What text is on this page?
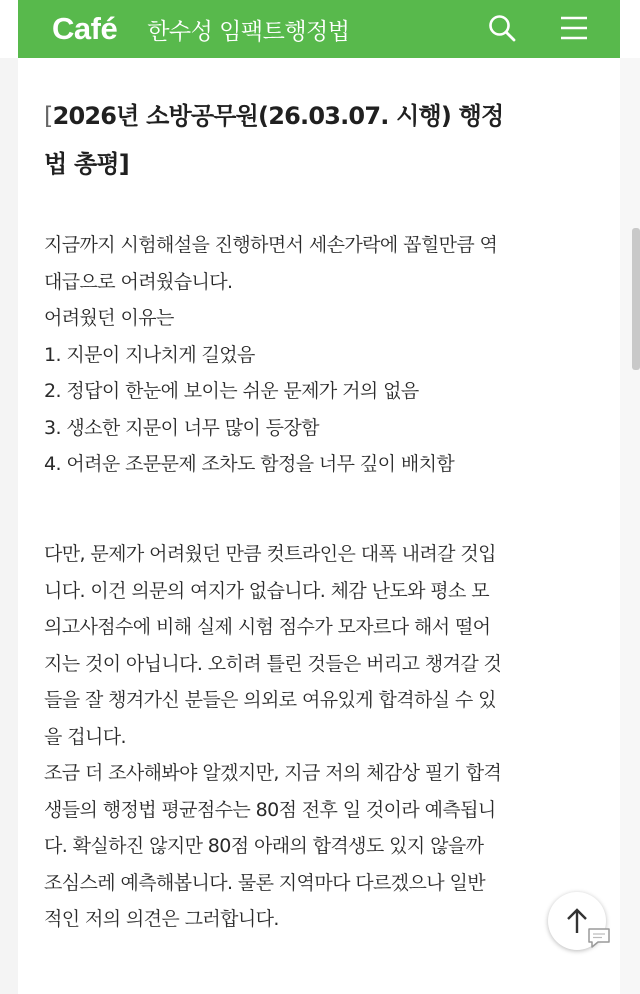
Café 한수성 임팩트행정법
[2026년 소방공무원(26.03.07. 시행) 행정
법 총평]
지금까지 시험해설을 진행하면서 세손가락에 꼽힐만큼 역
대급으로 어려웠습니다.
어려웠던 이유는
1. 지문이 지나치게 길었음
2. 정답이 한눈에 보이는 쉬운 문제가 거의 없음
3. 생소한 지문이 너무 많이 등장함
4. 어려운 조문문제 조차도 함정을 너무 깊이 배치함
다만, 문제가 어려웠던 만큼 컷트라인은 대폭 내려갈 것입
니다. 이건 의문의 여지가 없습니다. 체감 난도와 평소 모
의고사점수에 비해 실제 시험 점수가 모자르다 해서 떨어
지는 것이 아닙니다. 오히려 틀린 것들은 버리고 챙겨갈 것
들을 잘 챙겨가신 분들은 의외로 여유있게 합격하실 수 있
을 겁니다.
조금 더 조사해봐야 알겠지만, 지금 저의 체감상 필기 합격
생들의 행정법 평균점수는 80점 전후 일 것이라 예측됩니
다. 확실하진 않지만 80점 아래의 합격생도 있지 않을까
조심스레 예측해봅니다. 물론 지역마다 다르겠으나 일반
적인 저의 의견은 그러합니다.
